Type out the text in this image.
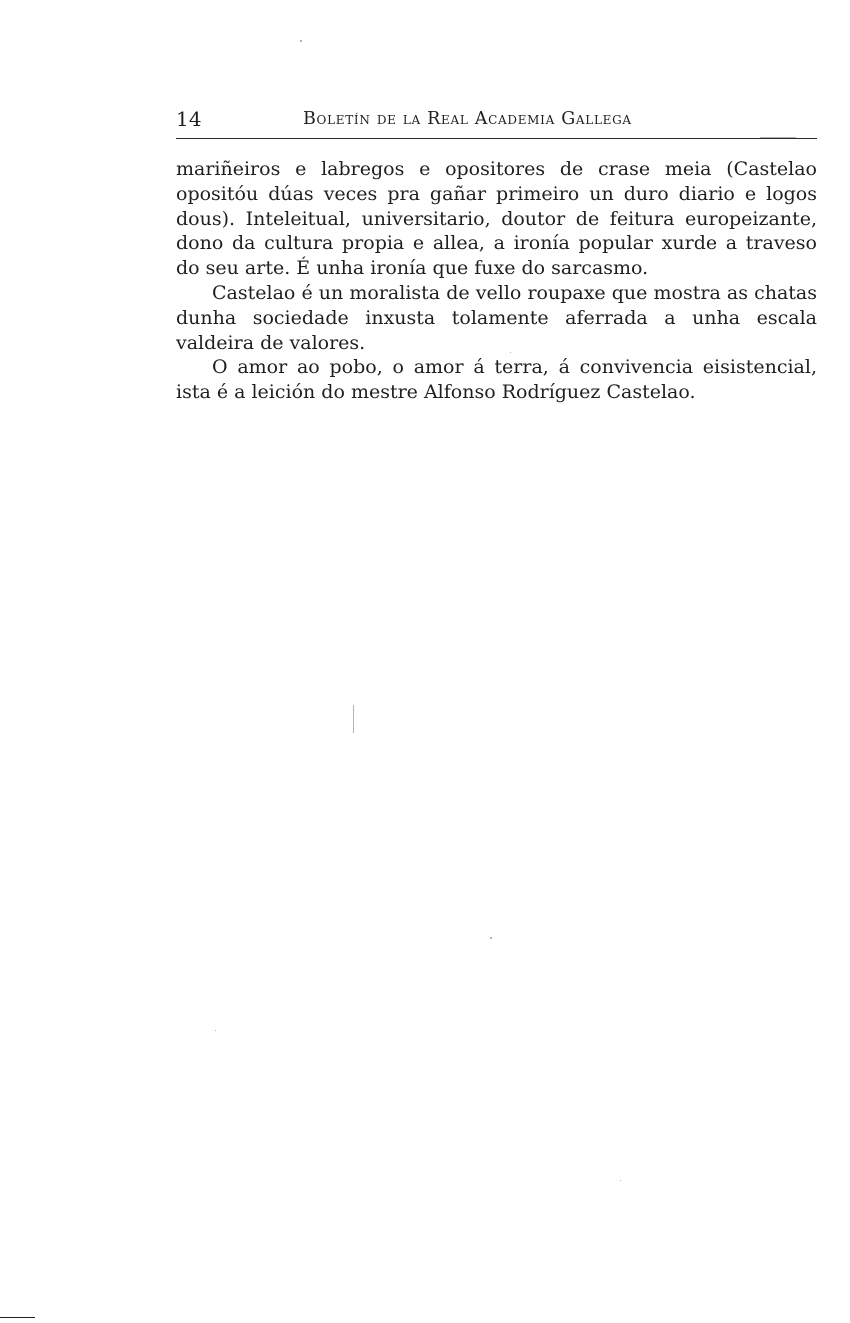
14	Boletín de la Real Academia Gallega

mariñeiros e labregos e opositores de crase meia (Castelao opositóu dúas veces pra gañar primeiro un duro diario e logos dous). Inteleitual, universitario, doutor de feitura europeizante, dono da cultura propia e allea, a ironía popular xurde a traveso do seu arte. É unha ironía que fuxe do sarcasmo.

Castelao é un moralista de vello roupaxe que mostra as chatas dunha sociedade inxusta tolamente aferrada a unha escala valdeira de valores.

O amor ao pobo, o amor á terra, á convivencia eisistencial, ista é a leición do mestre Alfonso Rodríguez Castelao.
